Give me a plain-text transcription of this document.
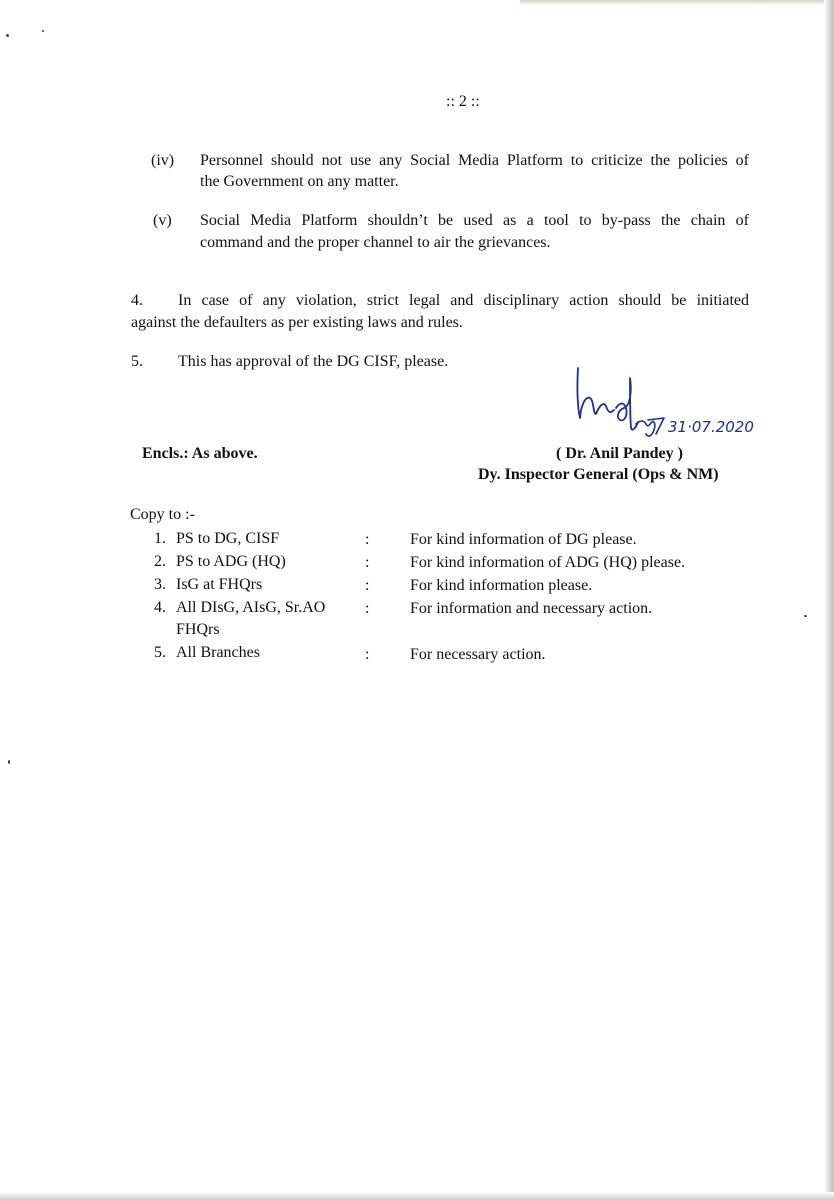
:: 2 ::
(iv) Personnel should not use any Social Media Platform to criticize the policies of
the Government on any matter.
(v) Social Media Platform shouldn’t be used as a tool to by-pass the chain of
command and the proper channel to air the grievances.
4. In case of any violation, strict legal and disciplinary action should be initiated
against the defaulters as per existing laws and rules.
5. This has approval of the DG CISF, please.
31·07.2020
( Dr. Anil Pandey )
Dy. Inspector General (Ops & NM)
Encls.: As above.
Copy to :-
1. PS to DG, CISF	:	For kind information of DG please.
2. PS to ADG (HQ)	:	For kind information of ADG (HQ) please.
3. IsG at FHQrs	:	For kind information please.
4. All DIsG, AIsG, Sr.AO
FHQrs
:	For information and necessary action.
5. All Branches	:	For necessary action.
